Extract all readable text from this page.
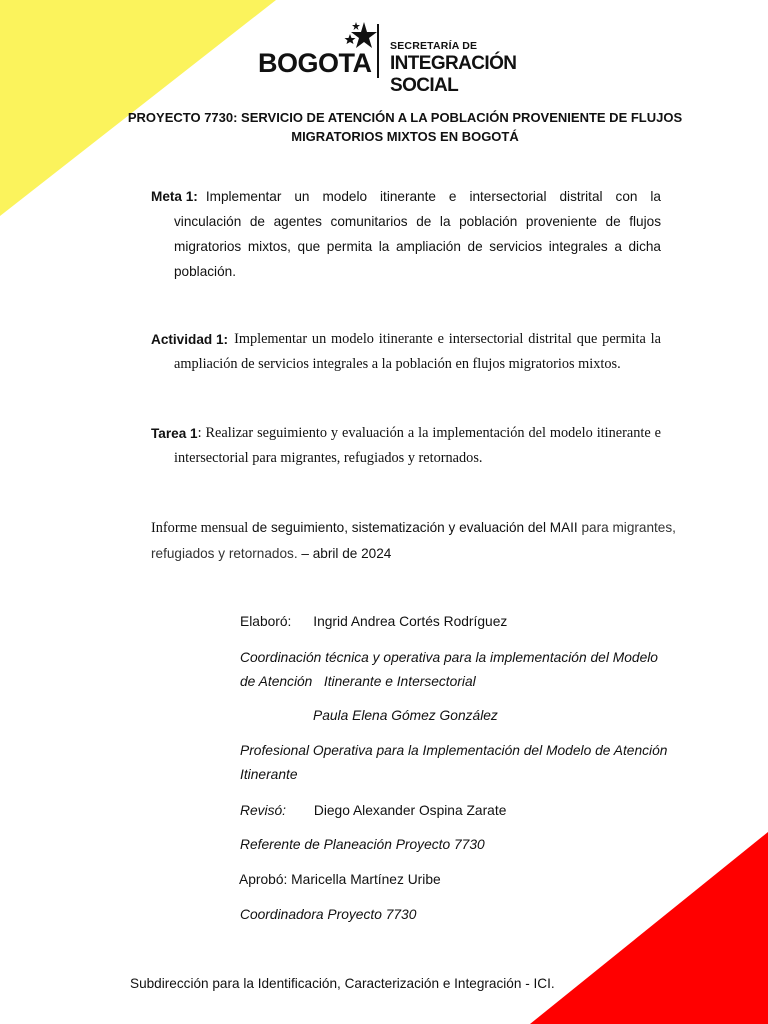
BOGOTA
SECRETARÍA DE
INTEGRACIÓN SOCIAL
PROYECTO 7730: SERVICIO DE ATENCIÓN A LA POBLACIÓN PROVENIENTE DE FLUJOS
MIGRATORIOS MIXTOS EN BOGOTÁ
Meta 1: Implementar un modelo itinerante e intersectorial distrital con la
vinculación de agentes comunitarios de la población proveniente de flujos migratorios mixtos, que permita la ampliación de servicios integrales a dicha población.
Actividad 1: Implementar un modelo itinerante e intersectorial distrital que permita la
ampliación de servicios integrales a la población en flujos migratorios mixtos.
Tarea 1 : Realizar seguimiento y evaluación a la implementación del modelo itinerante e
intersectorial para migrantes, refugiados y retornados.
Informe mensual de seguimiento, sistematización y evaluación del MAII para migrantes, refugiados y retornados. – abril de 2024
Elaboró: Ingrid Andrea Cortés Rodríguez
Coordinación técnica y operativa para la implementación del Modelo
de Atención   Itinerante e Intersectorial
Paula Elena Gómez González
Profesional Operativa para la Implementación del Modelo de Atención
Itinerante
Revisó: Diego Alexander Ospina Zarate
Referente de Planeación Proyecto 7730
Aprobó: Maricella Martínez Uribe
Coordinadora Proyecto 7730
Subdirección para la Identificación, Caracterización e Integración - ICI.
